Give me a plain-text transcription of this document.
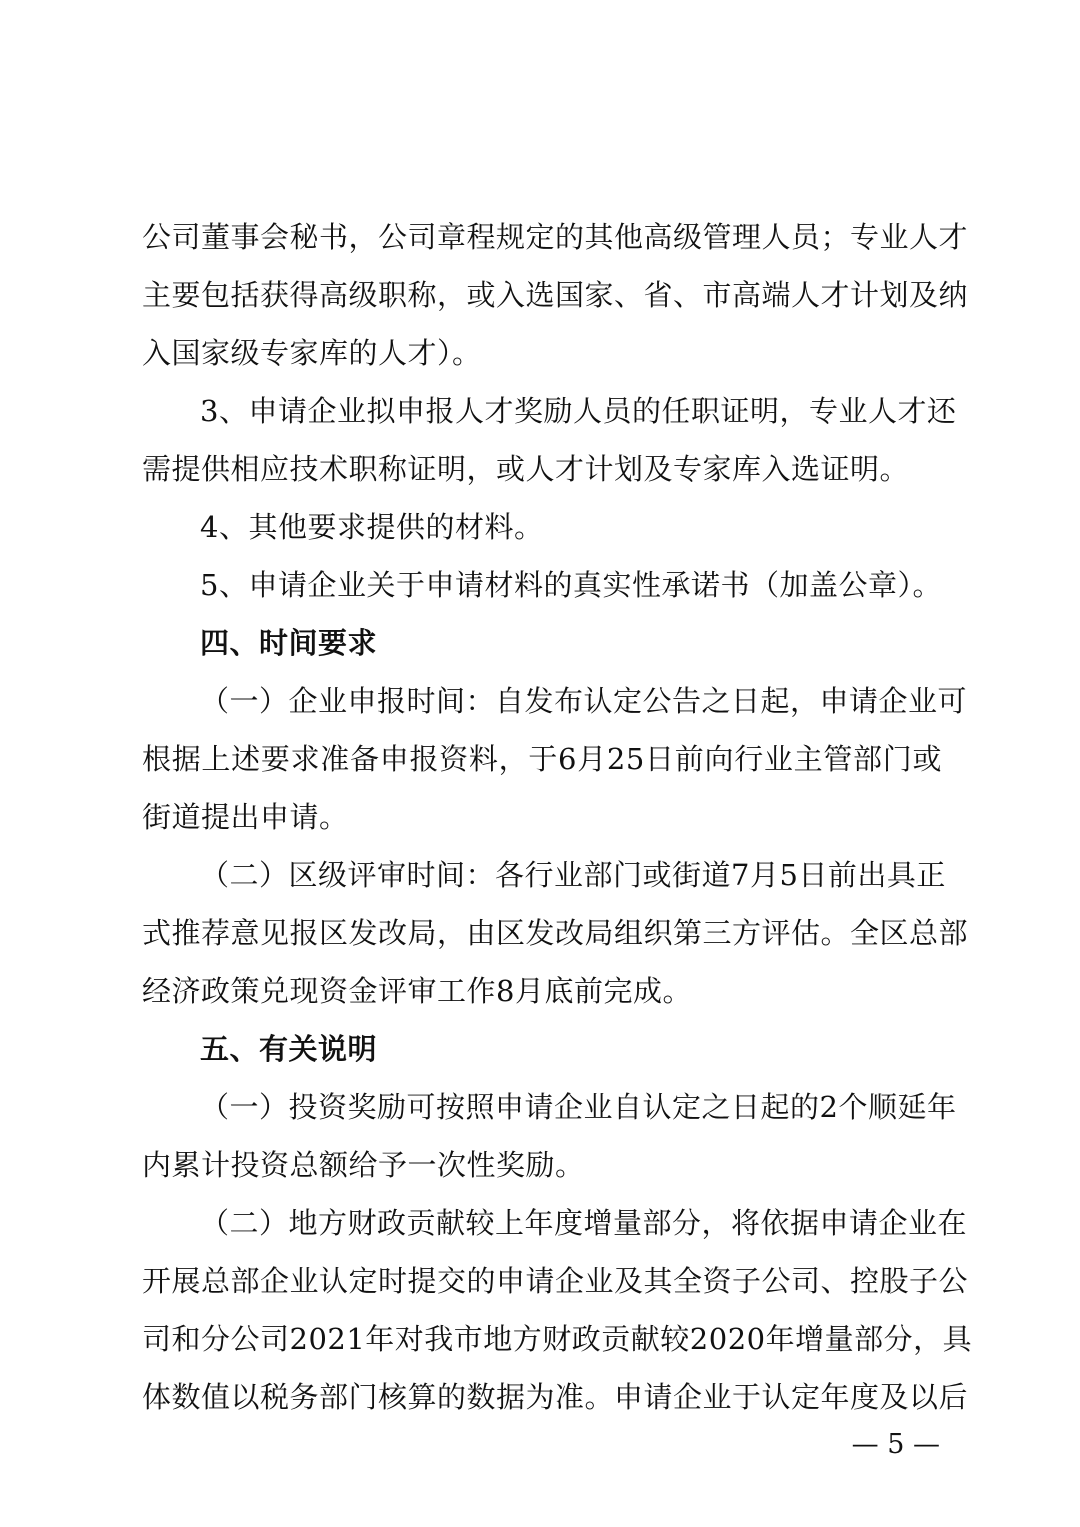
公司董事会秘书，公司章程规定的其他高级管理人员；专业人才
主要包括获得高级职称，或入选国家、省、市高端人才计划及纳
入国家级专家库的人才）。
3、申请企业拟申报人才奖励人员的任职证明，专业人才还
需提供相应技术职称证明，或人才计划及专家库入选证明。
4、其他要求提供的材料。
5、申请企业关于申请材料的真实性承诺书（加盖公章）。
四、时间要求
（一）企业申报时间：自发布认定公告之日起，申请企业可
根据上述要求准备申报资料，于6月25日前向行业主管部门或
街道提出申请。
（二）区级评审时间：各行业部门或街道7月5日前出具正
式推荐意见报区发改局，由区发改局组织第三方评估。全区总部
经济政策兑现资金评审工作8月底前完成。
五、有关说明
（一）投资奖励可按照申请企业自认定之日起的2个顺延年
内累计投资总额给予一次性奖励。
（二）地方财政贡献较上年度增量部分，将依据申请企业在
开展总部企业认定时提交的申请企业及其全资子公司、控股子公
司和分公司2021年对我市地方财政贡献较2020年增量部分，具
体数值以税务部门核算的数据为准。申请企业于认定年度及以后
— 5 —
